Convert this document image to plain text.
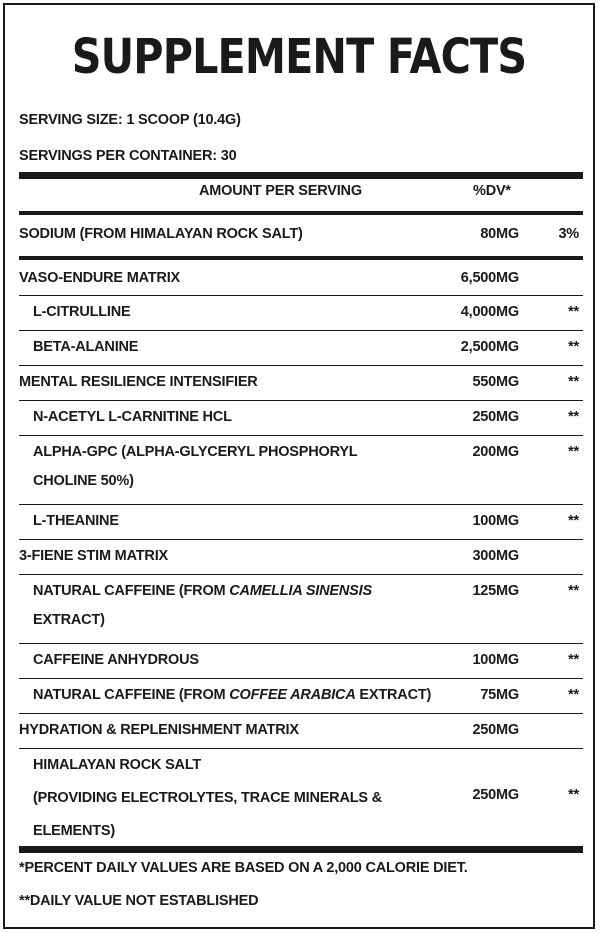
SUPPLEMENT FACTS
SERVING SIZE: 1 SCOOP (10.4G)
SERVINGS PER CONTAINER: 30
AMOUNT PER SERVING	%DV*
SODIUM (FROM HIMALAYAN ROCK SALT)	80MG	3%
VASO-ENDURE MATRIX	6,500MG
L-CITRULLINE	4,000MG	**
BETA-ALANINE	2,500MG	**
MENTAL RESILIENCE INTENSIFIER	550MG	**
N-ACETYL L-CARNITINE HCL	250MG	**
ALPHA-GPC (ALPHA-GLYCERYL PHOSPHORYL CHOLINE 50%)
200MG	**
L-THEANINE	100MG	**
3-FIENE STIM MATRIX	300MG
NATURAL CAFFEINE (FROM CAMELLIA SINENSIS EXTRACT)
125MG	**
CAFFEINE ANHYDROUS	100MG	**
NATURAL CAFFEINE (FROM COFFEE ARABICA EXTRACT)	75MG	**
HYDRATION & REPLENISHMENT MATRIX	250MG
HIMALAYAN ROCK SALT
(PROVIDING ELECTROLYTES, TRACE MINERALS & ELEMENTS)
250MG	**
*PERCENT DAILY VALUES ARE BASED ON A 2,000 CALORIE DIET.
**DAILY VALUE NOT ESTABLISHED
